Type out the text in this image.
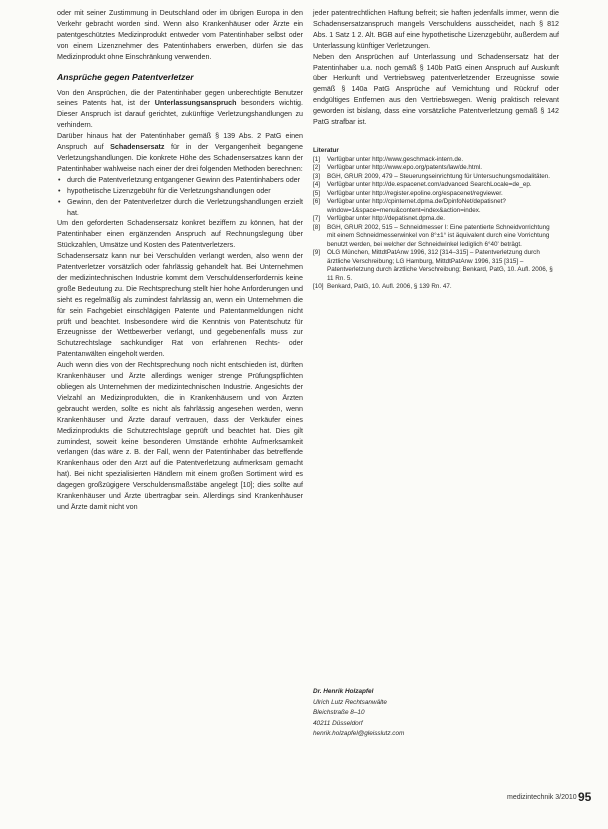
oder mit seiner Zustimmung in Deutschland oder im übrigen Europa in den Verkehr gebracht worden sind. Wenn also Krankenhäuser oder Ärzte ein patentgeschütztes Medizinprodukt entweder vom Patentinhaber selbst oder von einem Lizenznehmer des Patentinhabers erwerben, dürfen sie das Medizinprodukt ohne Einschränkung verwenden.

Ansprüche gegen Patentverletzer

Von den Ansprüchen, die der Patentinhaber gegen unberechtigte Benutzer seines Patents hat, ist der Unterlassungsanspruch besonders wichtig. Dieser Anspruch ist darauf gerichtet, zukünftige Verletzungshandlungen zu verhindern.

Darüber hinaus hat der Patentinhaber gemäß § 139 Abs. 2 PatG einen Anspruch auf Schadensersatz für in der Vergangenheit begangene Verletzungshandlungen. Die konkrete Höhe des Schadensersatzes kann der Patentinhaber wahlweise nach einer der drei folgenden Methoden berechnen:

• durch die Patentverletzung entgangener Gewinn des Patentinhabers oder
• hypothetische Lizenzgebühr für die Verletzungshandlungen oder
• Gewinn, den der Patentverletzer durch die Verletzungshandlungen erzielt hat.

Um den geforderten Schadensersatz konkret beziffern zu können, hat der Patentinhaber einen ergänzenden Anspruch auf Rechnungslegung über Stückzahlen, Umsätze und Kosten des Patentverletzers.

Schadensersatz kann nur bei Verschulden verlangt werden, also wenn der Patentverletzer vorsätzlich oder fahrlässig gehandelt hat. Bei Unternehmen der medizintechnischen Industrie kommt dem Verschuldenserfordernis keine große Bedeutung zu. Die Rechtsprechung stellt hier hohe Anforderungen und sieht es regelmäßig als zumindest fahrlässig an, wenn ein Unternehmen die für sein Fachgebiet einschlägigen Patente und Patentanmeldungen nicht prüft und beachtet. Insbesondere wird die Kenntnis von Patentschutz für Erzeugnisse der Wettbewerber verlangt, und gegebenenfalls muss zur Schutzrechtslage sachkundiger Rat von erfahrenen Rechts- oder Patentanwälten eingeholt werden.

Auch wenn dies von der Rechtsprechung noch nicht entschieden ist, dürften Krankenhäuser und Ärzte allerdings weniger strenge Prüfungspflichten obliegen als Unternehmen der medizintechnischen Industrie. Angesichts der Vielzahl an Medizinprodukten, die in Krankenhäusern und von Ärzten gebraucht werden, sollte es nicht als fahrlässig angesehen werden, wenn Krankenhäuser und Ärzte darauf vertrauen, dass der Verkäufer eines Medizinprodukts die Schutzrechtslage geprüft und beachtet hat. Dies gilt zumindest, soweit keine besonderen Umstände erhöhte Aufmerksamkeit verlangen (das wäre z. B. der Fall, wenn der Patentinhaber das betreffende Krankenhaus oder den Arzt auf die Patentverletzung aufmerksam gemacht hat). Bei nicht spezialisierten Händlern mit einem großen Sortiment wird es dagegen großzügigere Verschuldensmaßstäbe angelegt [10]; dies sollte auf Krankenhäuser und Ärzte übertragbar sein. Allerdings sind Krankenhäuser und Ärzte damit nicht von

jeder patentrechtlichen Haftung befreit; sie haften jedenfalls immer, wenn die Schadensersatzanspruch mangels Verschuldens ausscheidet, nach § 812 Abs. 1 Satz 1 2. Alt. BGB auf eine hypothetische Lizenzgebühr, außerdem auf Unterlassung künftiger Verletzungen.

Neben den Ansprüchen auf Unterlassung und Schadensersatz hat der Patentinhaber u.a. noch gemäß § 140b PatG einen Anspruch auf Auskunft über Herkunft und Vertriebsweg patentverletzender Erzeugnisse sowie gemäß § 140a PatG Ansprüche auf Vernichtung und Rückruf oder endgültiges Entfernen aus den Vertriebswegen. Wenig praktisch relevant geworden ist bislang, dass eine vorsätzliche Patentverletzung gemäß § 142 PatG strafbar ist.

Literatur
[1]	Verfügbar unter http://www.geschmack-intern.de.
[2]	Verfügbar unter http://www.epo.org/patents/law/de.html.
[3]	BGH, GRUR 2009, 479 – Steuerungseinrichtung für Untersuchungsmodalitäten.
[4]	Verfügbar unter http://de.espacenet.com/advanced SearchLocale=de_ep.
[5]	Verfügbar unter http://register.epoline.org/espacenet/regviewer.
[6]	Verfügbar unter http://cpinternet.dpma.de/DpinfoNet/depatisnet?window=1&space=menu&content=index&action=index.
[7]	Verfügbar unter http://depatisnet.dpma.de.
[8]	BGH, GRUR 2002, 515 – Schneidmesser I: Eine patentierte Schneidvorrichtung mit einem Schneidmesserwinkel von 8°±1° ist äquivalent durch eine Vorrichtung benutzt werden, bei welcher der Schneidwinkel lediglich 6°40' beträgt.
[9]	OLG München, MittdtPatAnw 1996, 312 [314–315] – Patentverletzung durch ärztliche Verschreibung; LG Hamburg, MittdtPatAnw 1996, 315 [315] – Patentverletzung durch ärztliche Verschreibung; Benkard, PatG, 10. Aufl. 2006, § 11 Rn. 5.
[10] Benkard, PatG, 10. Aufl. 2006, § 139 Rn. 47.
Dr. Henrik Holzapfel
Ulrich Lutz Rechtsanwälte
Bleichstraße 8–10
40211 Düsseldorf
henrik.holzapfel@gleisslutz.com
medizintechnik 3/2010 95
